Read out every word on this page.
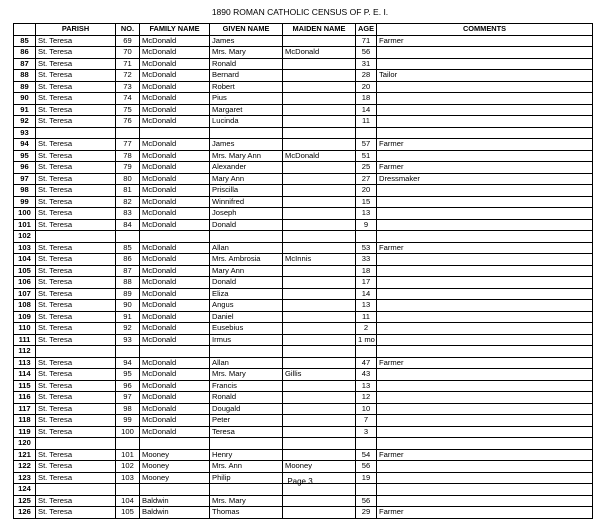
1890 ROMAN CATHOLIC CENSUS OF P. E. I.
	PARISH	NO.	FAMILY NAME	GIVEN NAME	MAIDEN NAME	AGE	COMMENTS
85	St. Teresa	69	McDonald	James		71	Farmer
86	St. Teresa	70	McDonald	Mrs. Mary	McDonald	56	
87	St. Teresa	71	McDonald	Ronald		31	
88	St. Teresa	72	McDonald	Bernard		28	Tailor
89	St. Teresa	73	McDonald	Robert		20	
90	St. Teresa	74	McDonald	Pius		18	
91	St. Teresa	75	McDonald	Margaret		14	
92	St. Teresa	76	McDonald	Lucinda		11	
93							
94	St. Teresa	77	McDonald	James		57	Farmer
95	St. Teresa	78	McDonald	Mrs. Mary Ann	McDonald	51	
96	St. Teresa	79	McDonald	Alexander		25	Farmer
97	St. Teresa	80	McDonald	Mary Ann		27	Dressmaker
98	St. Teresa	81	McDonald	Priscilla		20	
99	St. Teresa	82	McDonald	Winnifred		15	
100	St. Teresa	83	McDonald	Joseph		13	
101	St. Teresa	84	McDonald	Donald		9	
102							
103	St. Teresa	85	McDonald	Allan		53	Farmer
104	St. Teresa	86	McDonald	Mrs. Ambrosia	McInnis	33	
105	St. Teresa	87	McDonald	Mary Ann		18	
106	St. Teresa	88	McDonald	Donald		17	
107	St. Teresa	89	McDonald	Eliza		14	
108	St. Teresa	90	McDonald	Angus		13	
109	St. Teresa	91	McDonald	Daniel		11	
110	St. Teresa	92	McDonald	Eusebius		2	
111	St. Teresa	93	McDonald	Irmus		1 mo	
112							
113	St. Teresa	94	McDonald	Allan		47	Farmer
114	St. Teresa	95	McDonald	Mrs. Mary	Gillis	43	
115	St. Teresa	96	McDonald	Francis		13	
116	St. Teresa	97	McDonald	Ronald		12	
117	St. Teresa	98	McDonald	Dougald		10	
118	St. Teresa	99	McDonald	Peter		7	
119	St. Teresa	100	McDonald	Teresa		3	
120							
121	St. Teresa	101	Mooney	Henry		54	Farmer
122	St. Teresa	102	Mooney	Mrs. Ann	Mooney	56	
123	St. Teresa	103	Mooney	Philip		19	
124							
125	St. Teresa	104	Baldwin	Mrs. Mary		56	
126	St. Teresa	105	Baldwin	Thomas		29	Farmer
Page 3
